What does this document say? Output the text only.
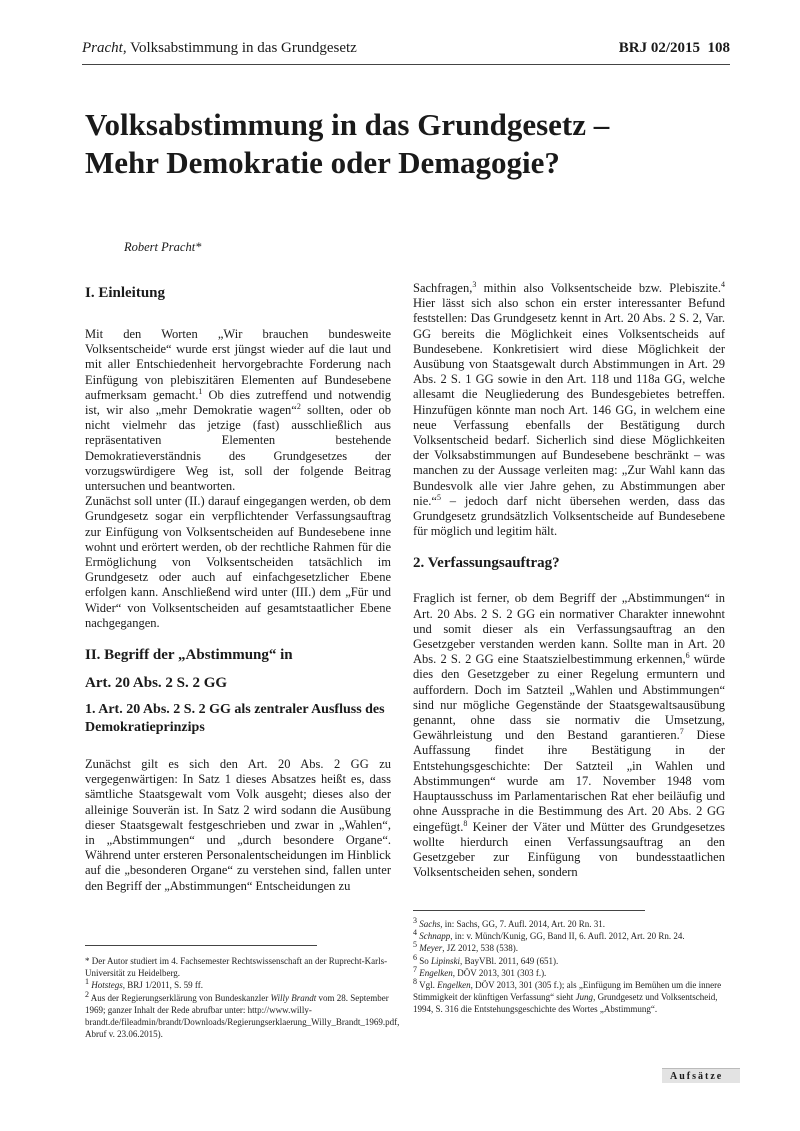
Pracht, Volksabstimmung in das Grundgesetz	BRJ 02/2015 108
Volksabstimmung in das Grundgesetz –
Mehr Demokratie oder Demagogie?
Robert Pracht*
I. Einleitung

Mit den Worten „Wir brauchen bundesweite Volksentscheide“ wurde erst jüngst wieder auf die laut und mit aller Entschiedenheit hervorgebrachte Forderung nach Einfügung von plebiszitären Elementen auf Bundesebene aufmerksam gemacht.$^1$ Ob dies zutreffend und notwendig ist, wir also „mehr Demokratie wagen“$^2$ sollten, oder ob nicht vielmehr das jetzige (fast) ausschließlich aus repräsentativen Elementen bestehende Demokratieverständnis des Grundgesetzes der vorzugswürdigere Weg ist, soll der folgende Beitrag untersuchen und beantworten.

Zunächst soll unter (II.) darauf eingegangen werden, ob dem Grundgesetz sogar ein verpflichtender Verfassungsauftrag zur Einfügung von Volksentscheiden auf Bundesebene inne wohnt und erörtert werden, ob der rechtliche Rahmen für die Ermöglichung von Volksentscheiden tatsächlich im Grundgesetz oder auch auf einfachgesetzlicher Ebene erfolgen kann. Anschließend wird unter (III.) dem „Für und Wider“ von Volksentscheiden auf gesamtstaatlicher Ebene nachgegangen.

II. Begriff der „Abstimmung“ in
Art. 20 Abs. 2 S. 2 GG
1. Art. 20 Abs. 2 S. 2 GG als zentraler Ausfluss des Demokratieprinzips

Zunächst gilt es sich den Art. 20 Abs. 2 GG zu vergegenwärtigen: In Satz 1 dieses Absatzes heißt es, dass sämtliche Staatsgewalt vom Volk ausgeht; dieses also der alleinige Souverän ist. In Satz 2 wird sodann die Ausübung dieser Staatsgewalt festgeschrieben und zwar in „Wahlen“, in „Abstimmungen“ und „durch besondere Organe“. Während unter ersteren Personalentscheidungen im Hinblick auf die „besonderen Organe“ zu verstehen sind, fallen unter den Begriff der „Abstimmungen“ Entscheidungen zu

Sachfragen,$^3$ mithin also Volksentscheide bzw. Plebiszite.$^4$ Hier lässt sich also schon ein erster interessanter Befund feststellen: Das Grundgesetz kennt in Art. 20 Abs. 2 S. 2, Var. GG bereits die Möglichkeit eines Volksentscheids auf Bundesebene. Konkretisiert wird diese Möglichkeit der Ausübung von Staatsgewalt durch Abstimmungen in Art. 29 Abs. 2 S. 1 GG sowie in den Art. 118 und 118a GG, welche allesamt die Neugliederung des Bundesgebietes betreffen. Hinzufügen könnte man noch Art. 146 GG, in welchem eine neue Verfassung ebenfalls der Bestätigung durch Volksentscheid bedarf. Sicherlich sind diese Möglichkeiten der Volksabstimmungen auf Bundesebene beschränkt – was manchen zu der Aussage verleiten mag: „Zur Wahl kann das Bundesvolk alle vier Jahre gehen, zu Abstimmungen aber nie.“$^5$ – jedoch darf nicht übersehen werden, dass das Grundgesetz grundsätzlich Volksentscheide auf Bundesebene für möglich und legitim hält.

2. Verfassungsauftrag?

Fraglich ist ferner, ob dem Begriff der „Abstimmungen“ in Art. 20 Abs. 2 S. 2 GG ein normativer Charakter innewohnt und somit dieser als ein Verfassungsauftrag an den Gesetzgeber verstanden werden kann. Sollte man in Art. 20 Abs. 2 S. 2 GG eine Staatszielbestimmung erkennen,$^6$ würde dies den Gesetzgeber zu einer Regelung ermuntern und auffordern. Doch im Satzteil „Wahlen und Abstimmungen“ sind nur mögliche Gegenstände der Staatsgewaltsausübung genannt, ohne dass sie normativ die Umsetzung, Gewährleistung und den Bestand garantieren.$^7$ Diese Auffassung findet ihre Bestätigung in der Entstehungsgeschichte: Der Satzteil „in Wahlen und Abstimmungen“ wurde am 17. November 1948 vom Hauptausschuss im Parlamentarischen Rat eher beiläufig und ohne Aussprache in die Bestimmung des Art. 20 Abs. 2 GG eingefügt.$^8$ Keiner der Väter und Mütter des Grundgesetzes wollte hierdurch einen Verfassungsauftrag an den Gesetzgeber zur Einfügung von bundesstaatlichen Volksentscheiden sehen, sondern

* Der Autor studiert im 4. Fachsemester Rechtswissenschaft an der Ruprecht-Karls-Universität zu Heidelberg.
$^1$ Hotstegs, BRJ 1/2011, S. 59 ff.
$^2$ Aus der Regierungserklärung von Bundeskanzler Willy Brandt vom 28. September 1969; ganzer Inhalt der Rede abrufbar unter: http://www.willy-brandt.de/fileadmin/brandt/Downloads/Regierungserklaerung_Willy_Brandt_1969.pdf, Abruf v. 23.06.2015).
$^3$ Sachs, in: Sachs, GG, 7. Aufl. 2014, Art. 20 Rn. 31.
$^4$ Schnapp, in: v. Münch/Kunig, GG, Band II, 6. Aufl. 2012, Art. 20 Rn. 24.
$^5$ Meyer, JZ 2012, 538 (538).
$^6$ So Lipinski, BayVBl. 2011, 649 (651).
$^7$ Engelken, DÖV 2013, 301 (303 f.).
$^8$ Vgl. Engelken, DÖV 2013, 301 (305 f.); als „Einfügung im Bemühen um die innere Stimmigkeit der künftigen Verfassung“ sieht Jung, Grundgesetz und Volksentscheid, 1994, S. 316 die Entstehungsgeschichte des Wortes „Abstimmung“.
Aufsätze
